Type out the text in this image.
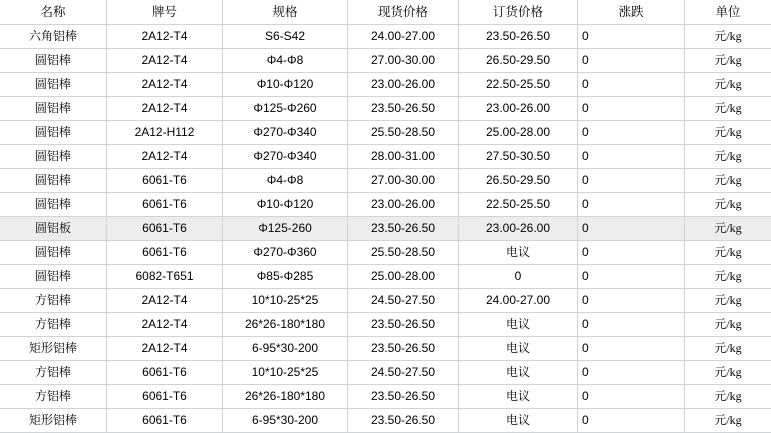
名称	牌号	规格	现货价格	订货价格	涨跌	单位
六角铝棒	2A12-T4	S6-S42	24.00-27.00	23.50-26.50	0	元/kg
圆铝棒	2A12-T4	Φ4-Φ8	27.00-30.00	26.50-29.50	0	元/kg
圆铝棒	2A12-T4	Φ10-Φ120	23.00-26.00	22.50-25.50	0	元/kg
圆铝棒	2A12-T4	Φ125-Φ260	23.50-26.50	23.00-26.00	0	元/kg
圆铝棒	2A12-H112	Φ270-Φ340	25.50-28.50	25.00-28.00	0	元/kg
圆铝棒	2A12-T4	Φ270-Φ340	28.00-31.00	27.50-30.50	0	元/kg
圆铝棒	6061-T6	Φ4-Φ8	27.00-30.00	26.50-29.50	0	元/kg
圆铝棒	6061-T6	Φ10-Φ120	23.00-26.00	22.50-25.50	0	元/kg
圆铝板	6061-T6	Φ125-260	23.50-26.50	23.00-26.00	0	元/kg
圆铝棒	6061-T6	Φ270-Φ360	25.50-28.50	电议	0	元/kg
圆铝棒	6082-T651	Φ85-Φ285	25.00-28.00	0	0	元/kg
方铝棒	2A12-T4	10*10-25*25	24.50-27.50	24.00-27.00	0	元/kg
方铝棒	2A12-T4	26*26-180*180	23.50-26.50	电议	0	元/kg
矩形铝棒	2A12-T4	6-95*30-200	23.50-26.50	电议	0	元/kg
方铝棒	6061-T6	10*10-25*25	24.50-27.50	电议	0	元/kg
方铝棒	6061-T6	26*26-180*180	23.50-26.50	电议	0	元/kg
矩形铝棒	6061-T6	6-95*30-200	23.50-26.50	电议	0	元/kg
